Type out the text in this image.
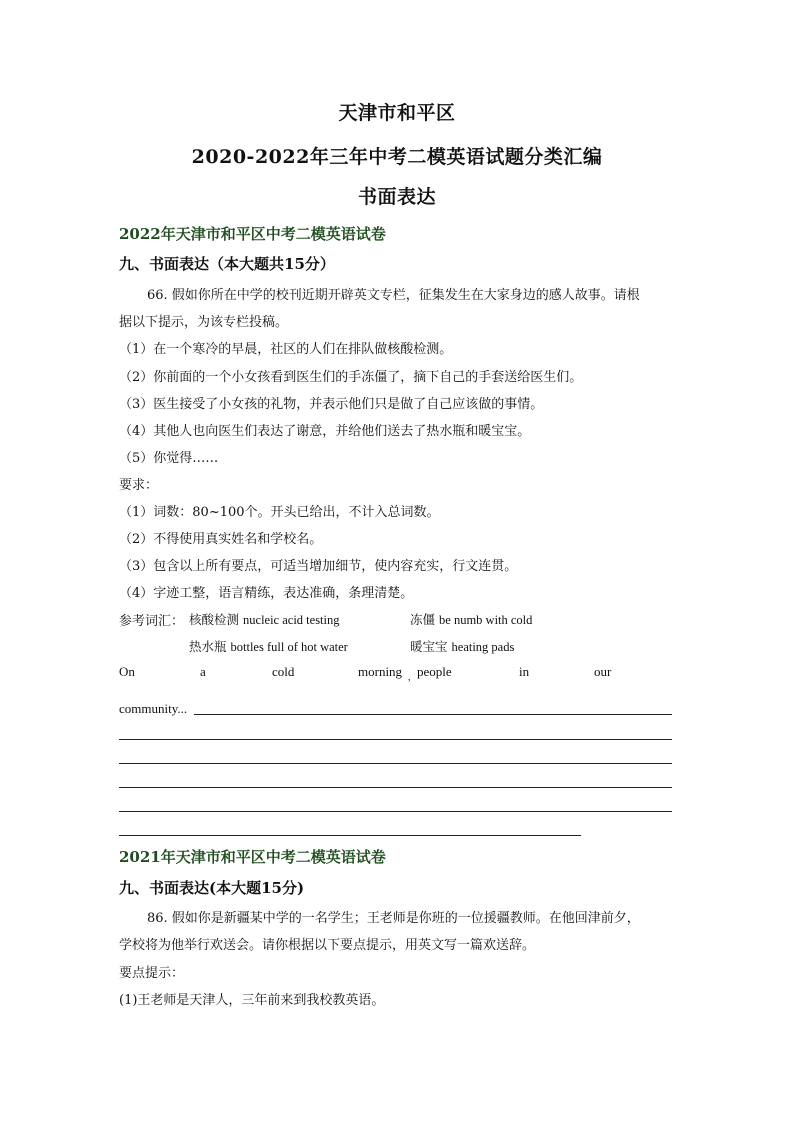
天津市和平区
2020-2022年三年中考二模英语试题分类汇编
书面表达
2022年天津市和平区中考二模英语试卷
九、书面表达（本大题共15分）
66. 假如你所在中学的校刊近期开辟英文专栏，征集发生在大家身边的感人故事。请根
据以下提示，为该专栏投稿。
（1）在一个寒冷的早晨，社区的人们在排队做核酸检测。
（2）你前面的一个小女孩看到医生们的手冻僵了，摘下自己的手套送给医生们。
（3）医生接受了小女孩的礼物，并表示他们只是做了自己应该做的事情。
（4）其他人也向医生们表达了谢意，并给他们送去了热水瓶和暖宝宝。
（5）你觉得……
要求：
（1）词数：80~100个。开头已给出，不计入总词数。
（2）不得使用真实姓名和学校名。
（3）包含以上所有要点，可适当增加细节，使内容充实，行文连贯。
（4）字迹工整，语言精练，表达准确，条理清楚。
参考词汇： 核酸检测 nucleic acid testing	冻僵 be numb with cold
热水瓶 bottles full of hot water	暖宝宝 heating pads
On	a	cold	morning , people	in	our
community...
2021年天津市和平区中考二模英语试卷
九、书面表达(本大题15分)
86. 假如你是新疆某中学的一名学生；王老师是你班的一位援疆教师。在他回津前夕，
学校将为他举行欢送会。请你根据以下要点提示，用英文写一篇欢送辞。
要点提示：
(1)王老师是天津人，三年前来到我校教英语。
